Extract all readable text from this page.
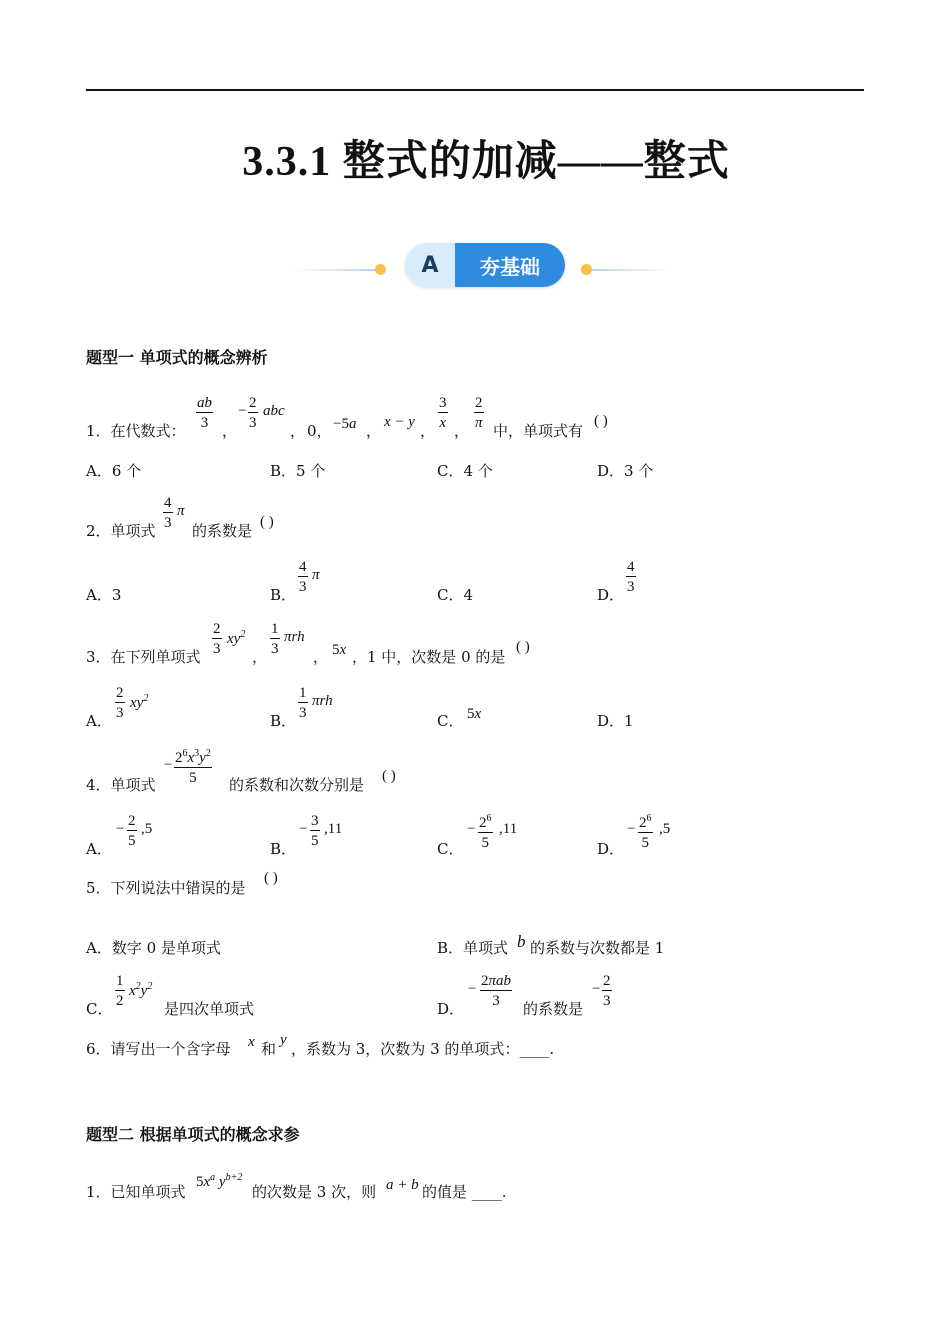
3.3.1 整式的加减——整式
A	夯基础
题型一 单项式的概念辨析
1．在代数式： $\frac{ab}{3}$ ，
− $\frac{2}{3}$ abc
， 0， −5a ， x − y ， $\frac{3}{x}$ ， $\frac{2}{\pi}$ 中，单项式有
( )
A．6 个	B．5 个	C．4 个	D．3 个
2．单项式 $\frac{4}{3}$ π
的系数是 ( )
A．3	B． $\frac{4}{3}$ π
C．4	D． $\frac{4}{3}$
3．在下列单项式 $\frac{2}{3} xy^2$
， $\frac{1}{3}$ πrh
， 5x ，1 中，次数是 0 的是
( )
A． $\frac{2}{3} xy^2$
B． $\frac{1}{3}$ πrh
C． 5x	D．1
4．单项式
− $\frac{2^6x^3y^2}{5}$ 的系数和次数分别是 ( )
A．
− $\frac{2}{5} ,5$
B．
− $\frac{3}{5} ,11$
C．
− $\frac{2^6}{5} ,11$
D．
− $\frac{2^6}{5} ,5$
5．下列说法中错误的是
( )
A．数字 0 是单项式	B．单项式 b 的系数与次数都是 1
C． $\frac{1}{2} x^2y^2$
是四次单项式	D．
− 2πab
3	的系数是
− $\frac{2}{3}$
6．请写出一个含字母 x 和 y ，系数为 3，次数为 3 的单项式：____.
题型二 根据单项式的概念求参
1．已知单项式
$5x^a$ $y^{b+2}$
的次数是 3 次，则 a + b 的值是 ____.
